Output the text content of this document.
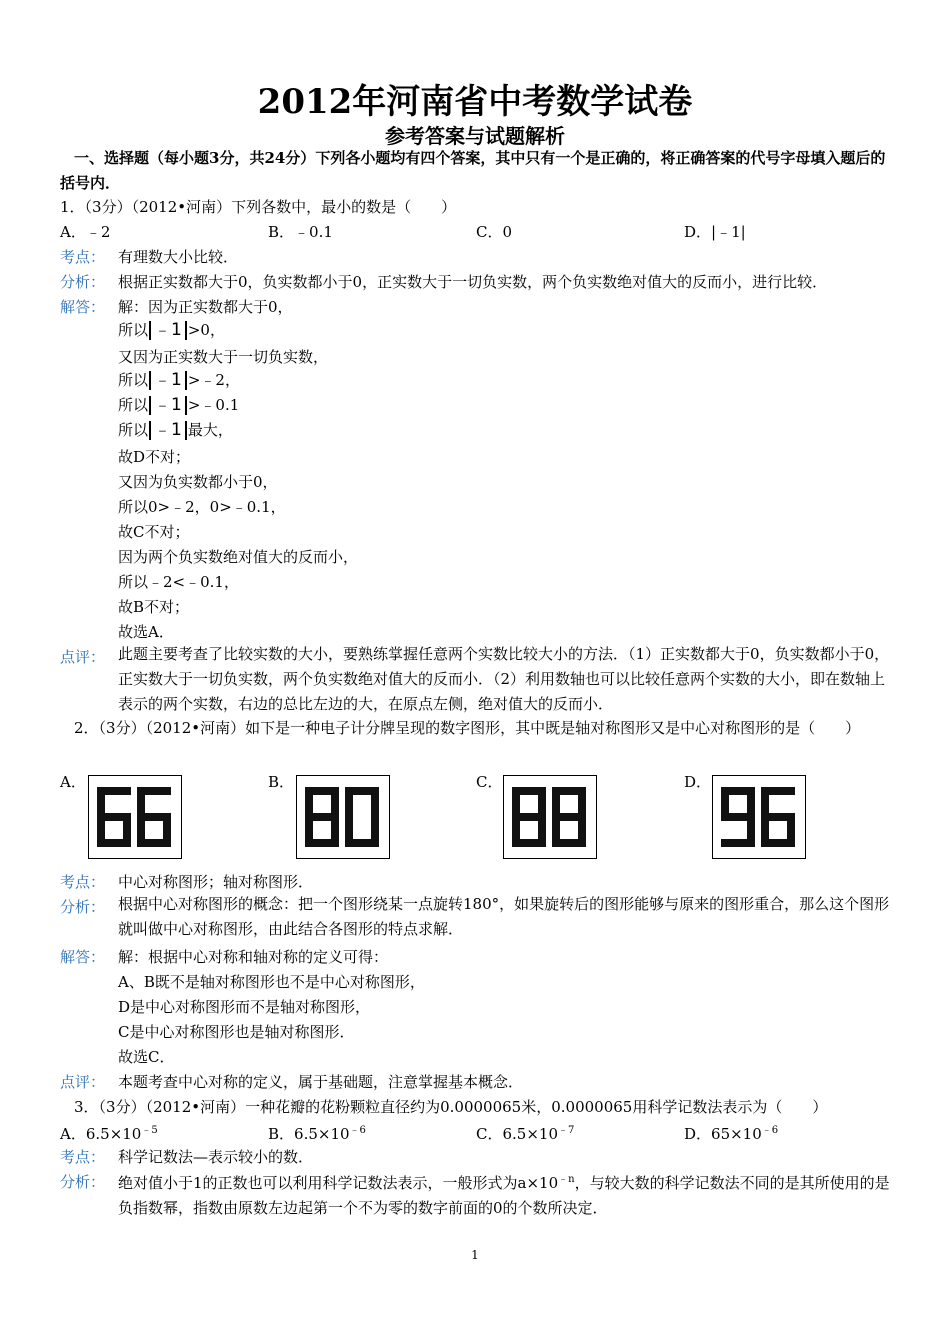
2012年河南省中考数学试卷
参考答案与试题解析
一、选择题（每小题3分，共24分）下列各小题均有四个答案，其中只有一个是正确的，将正确答案的代号字母填入题后的括号内．
1．（3分）（2012•河南）下列各数中，最小的数是（　　）
A．﹣2	B．﹣0.1	C．0	D．|﹣1|
考点： 有理数大小比较．
分析： 根据正实数都大于0，负实数都小于0，正实数大于一切负实数，两个负实数绝对值大的反而小，进行比较．
解答： 解：因为正实数都大于0，
所以 ﹣1 >0，
又因为正实数大于一切负实数，
所以 ﹣1 >﹣2，
所以 ﹣1 >﹣0.1
所以 ﹣1 最大，
故D不对；
又因为负实数都小于0，
所以0>﹣2，0>﹣0.1，
故C不对；
因为两个负实数绝对值大的反而小，
所以﹣2<﹣0.1，
故B不对；
故选A．
点评： 此题主要考查了比较实数的大小，要熟练掌握任意两个实数比较大小的方法．（1）正实数都大于0，负实数都小于0，正实数大于一切负实数，两个负实数绝对值大的反而小．（2）利用数轴也可以比较任意两个实数的大小，即在数轴上表示的两个实数，右边的总比左边的大，在原点左侧，绝对值大的反而小．
2．（3分）（2012•河南）如下是一种电子计分牌呈现的数字图形，其中既是轴对称图形又是中心对称图形的是（　　）
A．	B．	C．	D．
考点： 中心对称图形；轴对称图形．
分析： 根据中心对称图形的概念：把一个图形绕某一点旋转180°，如果旋转后的图形能够与原来的图形重合，那么这个图形就叫做中心对称图形，由此结合各图形的特点求解．
解答： 解：根据中心对称和轴对称的定义可得：
A、B既不是轴对称图形也不是中心对称图形，
D是中心对称图形而不是轴对称图形，
C是中心对称图形也是轴对称图形．
故选C．
点评： 本题考查中心对称的定义，属于基础题，注意掌握基本概念．
3．（3分）（2012•河南）一种花瓣的花粉颗粒直径约为0.0000065米，0.0000065用科学记数法表示为（　　）
A．$6.5\times 10^{﹣5}$	B．$6.5\times 10^{﹣6}$	C．$6.5\times 10^{﹣7}$	D．$65\times 10^{﹣6}$
考点： 科学记数法—表示较小的数．
分析： 绝对值小于1的正数也可以利用科学记数法表示，一般形式为$a\times 10^{﹣n}$，与较大数的科学记数法不同的是其所使用的是负指数幂，指数由原数左边起第一个不为零的数字前面的0的个数所决定．
1
